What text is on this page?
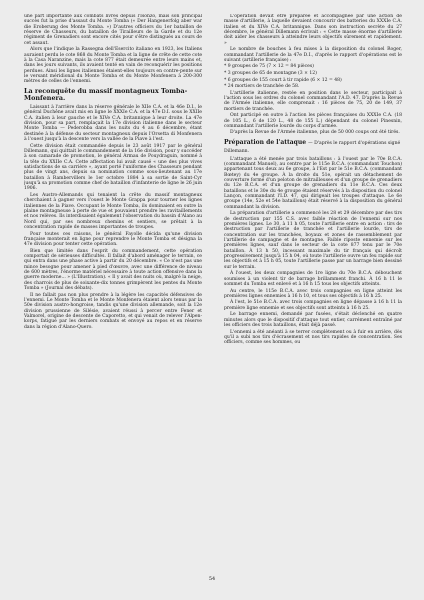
une part importante aux combats livrés depuis l'Isonzo, mais son principal succès fut la prise d'assaut du Monte Tomba (« Der Hangenerfolg aber war die Eroberung des Monte Tomba. ») D'autres officiers du 1er bataillon de réserve de Chasseurs, du bataillon de Tirailleurs de la Garde et du 12e régiment de Grenadiers sont encore cités pour s'être distingués au cours de cet assaut.

Alors que l'indique la Rassegna dell'Esercito italiano en 1923, les Italiens auraient perdu le cote 868 du Monte Tomba et la ligne de crête de cette cote à la Casa Naranzine, mais la cote 877 était demeurée entre leurs mains et, dans les jours suivants, ils avaient tenté en vain de reconquérir les positions perdues. Ainsi les lignes italiennes étaient-elles toujours en contre-pente sur le versant méridional du Monte Tomba et du Monte Monfenera à 200-300 mètres de celles de l'ennemi.

La reconquête du massif montagneux Tomba-Monfenera.

Laissant à l'arrière dans la réserve générale le XIIe C.A. et la 46e D.I., le général Duchêne avait mis en ligne le XXXIe C.A. et la 47e D.I. sous le XXIIe C.A. italien à leur gauche et le XIVe C.A. britannique à leur droite. La 47e division, pour sa part, remplaçait la 17e division italienne dans le secteur Monte Tomba — Pederobba dans les nuits du 4 au 6 décembre, étant destinée à la défense du secteur montagneux depuis l'Orsetta di Monfenera à l'ouest jusqu'à la descente vers la vallée de la Piave à l'est.

Cette division était commandée depuis le 23 août 1917 par le général Dillemann, qui quittait le commandement de la 16e division, pour y succéder à son camarade de promotion, le général Armau de Pouydraguin, nommé à la tête du XXIIe C.A. Cette affectation lui avait causé « une des plus vives satisfactions de sa carrière », ayant porté l'uniforme des Chasseurs pendant plus de vingt ans, depuis sa nomination comme sous-lieutenant au 17e bataillon à Rambervillers le 1er octobre 1884 à sa sortie de Saint-Cyr jusqu'à sa promotion comme chef de bataillon d'infanterie de ligne le 26 juin 1906.

Les Austro-Allemands qui tenaient la crête du massif montagneux cherchaient à gagner vers l'ouest le Monte Grappa pour tourner les lignes italiennes de la Piave. Occupant le Monte Tomba, ils dominaient en outre la plaine montagneuse à perte de vue et pouvaient prendre les ravitaillements et nos relèves. Ils interdisaient également l'observation du bassin d'Alano au Nord qui, par ses nombreux chemins et sentiers, se prêtait à la concentration rapide de masses importantes de troupes.

Pour toutes ces raisons, le général Fayolle décida qu'une division française monterait en ligne pour reprendre le Monte Tomba et désigna la 47e division pour tenter cette opération.

Bien que limitée dans l'esprit du commandement, cette opération comportait de sérieuses difficultés. Il fallait d'abord aménager le terrain, ce qui entra dans une phase active à partir du 20 décembre. « Ce n'est pas une mince besogne pour amener à pied d'œuvre, avec une différence de niveau de 600 mètres, l'énorme matériel nécessaire à toute action offensive dans la guerre moderne... » (L'Illustration). « Il y avait des nuits où, malgré la neige, des charrois de plus de soixante-dix tonnes grimpèrent les pentes du Monte Tomba » (Journal des débats).

Il ne fallait pas non plus prendre à la légère les capacités défensives de l'ennemi. Le Monte Tomba et le Monte Monfenera étaient alors tenus par la 50e division austro-hongroise, tandis qu'une division allemande, soit la 12e division prussienne de Silésie, avaient réussi à percer entre Fener et Valmorel, origine de descente de Caporetto, et qui venait de relever l'Alpen-korps, fatigué par les derniers combats et envoyé au repos et en réserve dans la région d'Alano-Quero.

L'opération devait être préparée et accompagnée par une action de masse d'artillerie, à laquelle devaient concourir des batteries du XXXIe C.A. italien et du XIVe C.A. britannique. Dans son instruction secrète du 27 décembre, le général Dillemann écrivait : « Cette masse énorme d'artillerie doit aider les chasseurs à atteindre leurs objectifs sûrement et rapidement. »

Le nombre de bouches à feu mises à la disposition du colonel Roger, commandant l'artillerie de la 47e D.I., d'après le rapport d'opérations est le suivant (artillerie française) :

* 9 groupes de 75 (7 × 12 = 84 pièces)

* 3 groupes de 65 de montagne (3 × 12)

* 6 groupes de 155 court à tir rapide (6 × 12 = 48)

* 24 mortiers de tranchée de 58.

L'artillerie italienne, restée en position dans le secteur, participait à l'action sous les ordres du colonel commandant l'A.D. 47. D'après la Revue de l'Armée italienne, elle comprenait : 16 pièces de 75, 20 de 149, 37 mortiers de tranchée.

Ont participé en outre à l'action les pièces françaises du XXXIe C.A. (18 de 105 L., 6 de 120 L., 48 de 155 L.) dépendant du colonel Pinesnin, commandant l'artillerie lourde du corps d'armée.

D'après la Revue de l'Armée italienne, plus de 50 000 coups ont été tirés.

Préparation de l'attaque — D'après le rapport d'opérations signé Dillemann.

L'attaque a été menée par trois bataillons : à l'ouest par le 70e B.C.A. (commandant Manuel), au centre par le 115e B.C.A. (commandant Touchon) appartenant tous deux au 6e groupe, à l'Est par le 51e B.C.A. (commandant Bœtey) du 4e groupe. À la droite du 51e, opérait un détachement de couverture formé d'un peloton de mitrailleuses et d'un groupe de grenadiers du 12e B.C.A. et d'un groupe de grenadiers du 11e B.C.A. Ces deux bataillons et le 30e du 4e groupe étaient réservés à la disposition du colonel Lançon, commandant l'I.D. 47, qui dirigeait les troupes d'attaque. Le 6e groupe (14e, 52e et 54e bataillons) était réservé à la disposition du général commandant la division.

La préparation d'artillerie a commencé les 28 et 29 décembre par des tirs de destruction par 155 C.S. avec faible réaction de l'ennemi sur nos premières lignes. Le 30, à 11 h 05, toute l'artillerie entre en action : tirs de destruction par l'artillerie de tranchée et l'artillerie lourde, tirs de concentration sur les tranchées, boyaux et zones de rassemblement par l'artillerie de campagne et de montagne. Faible riposte ennemie sur les premières lignes, sauf dans le secteur de la cote 877 tenu par le 70e bataillon. À 13 h 50, incessant maximale du tir français qui décroît progressivement jusqu'à 15 h 04, où toute l'artillerie ouvre un feu rapide sur les objectifs et à 15 h 05, toute l'artillerie passe par un barrage bien dessiné sur le terrain.

À l'ouest, les deux compagnies de 1re ligne du 70e B.C.A. débouchent soumises à un violent tir de barrage brillamment franchi. À 16 h 11 le sommet du Tomba est enlevé et à 16 h 15 tous les objectifs atteints.

Au centre, le 115e B.C.A. avec trois compagnies en ligne atteint les premières lignes ennemies à 16 h 10, et tous ses objectifs à 16 h 25.

À l'est, le 51e B.C.A. avec trois compagnies en ligne dépasse à 16 h 11 la première ligne ennemie et ses objectifs sont atteints à 16 h 25.

Le barrage ennemi, demandé par fusées, s'était déclenché en quatre minutes alors que le dispositif d'attaque tout entier, carrément entraîné par les officiers des trois bataillons, était déjà passé.

L'ennemi a été anéanti à se terrer complètement ou à fuir en arrière, dès qu'il a subi nos tirs d'écrasement et nos tirs rapides de concentration. Ses officiers, comme ses hommes, ou

54
